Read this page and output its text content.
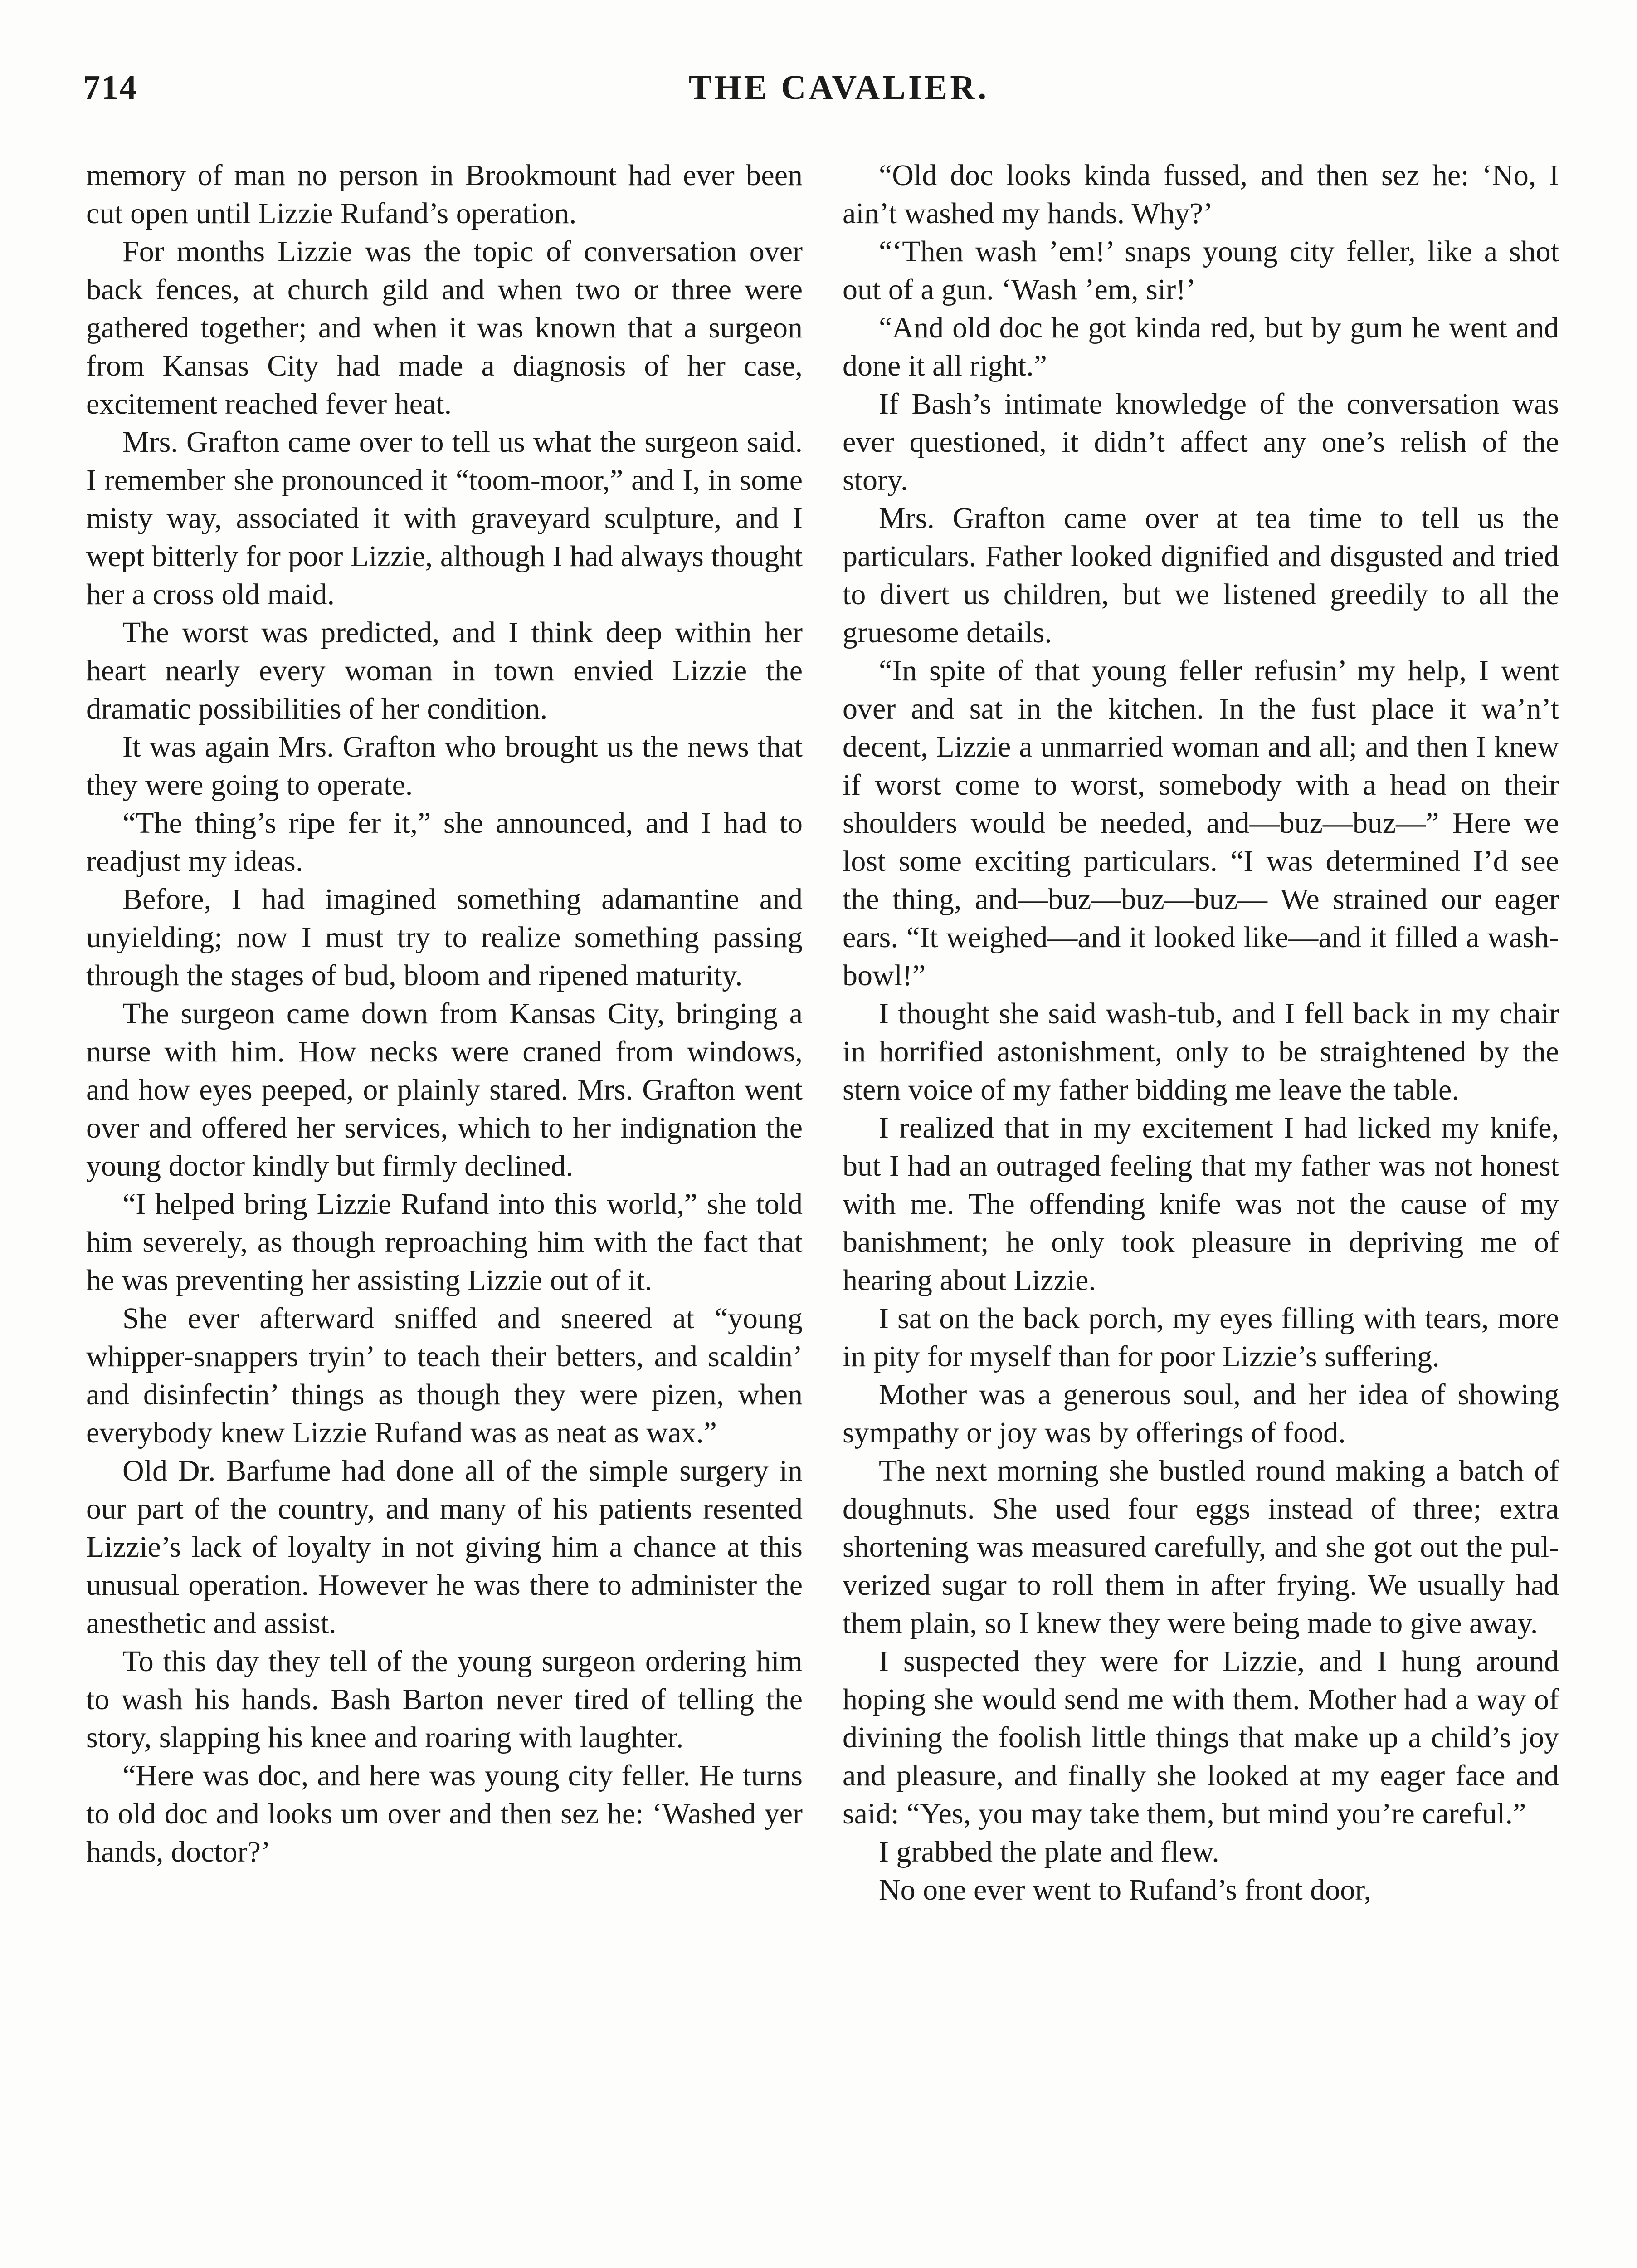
714	THE CAVALIER.

memory of man no person in Brookmount had ever been cut open until Lizzie Rufand’s operation.

For months Lizzie was the topic of conversation over back fences, at church gild and when two or three were gathered together; and when it was known that a surgeon from Kansas City had made a diagnosis of her case, excitement reached fever heat.

Mrs. Grafton came over to tell us what the surgeon said. I remember she pronounced it “toom-moor,” and I, in some misty way, associated it with graveyard sculpture, and I wept bitterly for poor Lizzie, although I had always thought her a cross old maid.

The worst was predicted, and I think deep within her heart nearly every woman in town envied Lizzie the dramatic possibilities of her condition.

It was again Mrs. Grafton who brought us the news that they were going to operate.

“The thing’s ripe fer it,” she announced, and I had to readjust my ideas.

Before, I had imagined something adamantine and unyielding; now I must try to realize something passing through the stages of bud, bloom and ripened maturity.

The surgeon came down from Kansas City, bringing a nurse with him. How necks were craned from windows, and how eyes peeped, or plainly stared. Mrs. Grafton went over and offered her services, which to her indignation the young doctor kindly but firmly declined.

“I helped bring Lizzie Rufand into this world,” she told him severely, as though reproaching him with the fact that he was preventing her assisting Lizzie out of it.

She ever afterward sniffed and sneered at “young whipper-snappers tryin’ to teach their betters, and scaldin’ and disinfectin’ things as though they were pizen, when everybody knew Lizzie Rufand was as neat as wax.”

Old Dr. Barfume had done all of the simple surgery in our part of the country, and many of his patients resented Lizzie’s lack of loyalty in not giving him a chance at this unusual operation. However he was there to administer the anesthetic and assist.

To this day they tell of the young surgeon ordering him to wash his hands. Bash Barton never tired of telling the story, slapping his knee and roaring with laughter.

“Here was doc, and here was young city feller. He turns to old doc and looks um over and then sez he: ‘Washed yer hands, doctor?’

“Old doc looks kinda fussed, and then sez he: ‘No, I ain’t washed my hands. Why?’

“‘Then wash ’em!’ snaps young city feller, like a shot out of a gun. ‘Wash ’em, sir!’

“And old doc he got kinda red, but by gum he went and done it all right.”

If Bash’s intimate knowledge of the conversation was ever questioned, it didn’t affect any one’s relish of the story.

Mrs. Grafton came over at tea time to tell us the particulars. Father looked dignified and disgusted and tried to divert us children, but we listened greedily to all the gruesome details.

“In spite of that young feller refusin’ my help, I went over and sat in the kitchen. In the fust place it wa’n’t decent, Lizzie a unmarried woman and all; and then I knew if worst come to worst, somebody with a head on their shoulders would be needed, and—buz—buz—” Here we lost some exciting particulars. “I was determined I’d see the thing, and—buz—buz—buz— We strained our eager ears. “It weighed—and it looked like—and it filled a wash-bowl!”

I thought she said wash-tub, and I fell back in my chair in horrified astonishment, only to be straightened by the stern voice of my father bidding me leave the table.

I realized that in my excitement I had licked my knife, but I had an outraged feeling that my father was not honest with me. The offending knife was not the cause of my banishment; he only took pleasure in depriving me of hearing about Lizzie.

I sat on the back porch, my eyes filling with tears, more in pity for myself than for poor Lizzie’s suffering.

Mother was a generous soul, and her idea of showing sympathy or joy was by offerings of food.

The next morning she bustled round making a batch of doughnuts. She used four eggs instead of three; extra shortening was measured carefully, and she got out the pulverized sugar to roll them in after frying. We usually had them plain, so I knew they were being made to give away.

I suspected they were for Lizzie, and I hung around hoping she would send me with them. Mother had a way of divining the foolish little things that make up a child’s joy and pleasure, and finally she looked at my eager face and said: “Yes, you may take them, but mind you’re careful.”

I grabbed the plate and flew.

No one ever went to Rufand’s front door,
